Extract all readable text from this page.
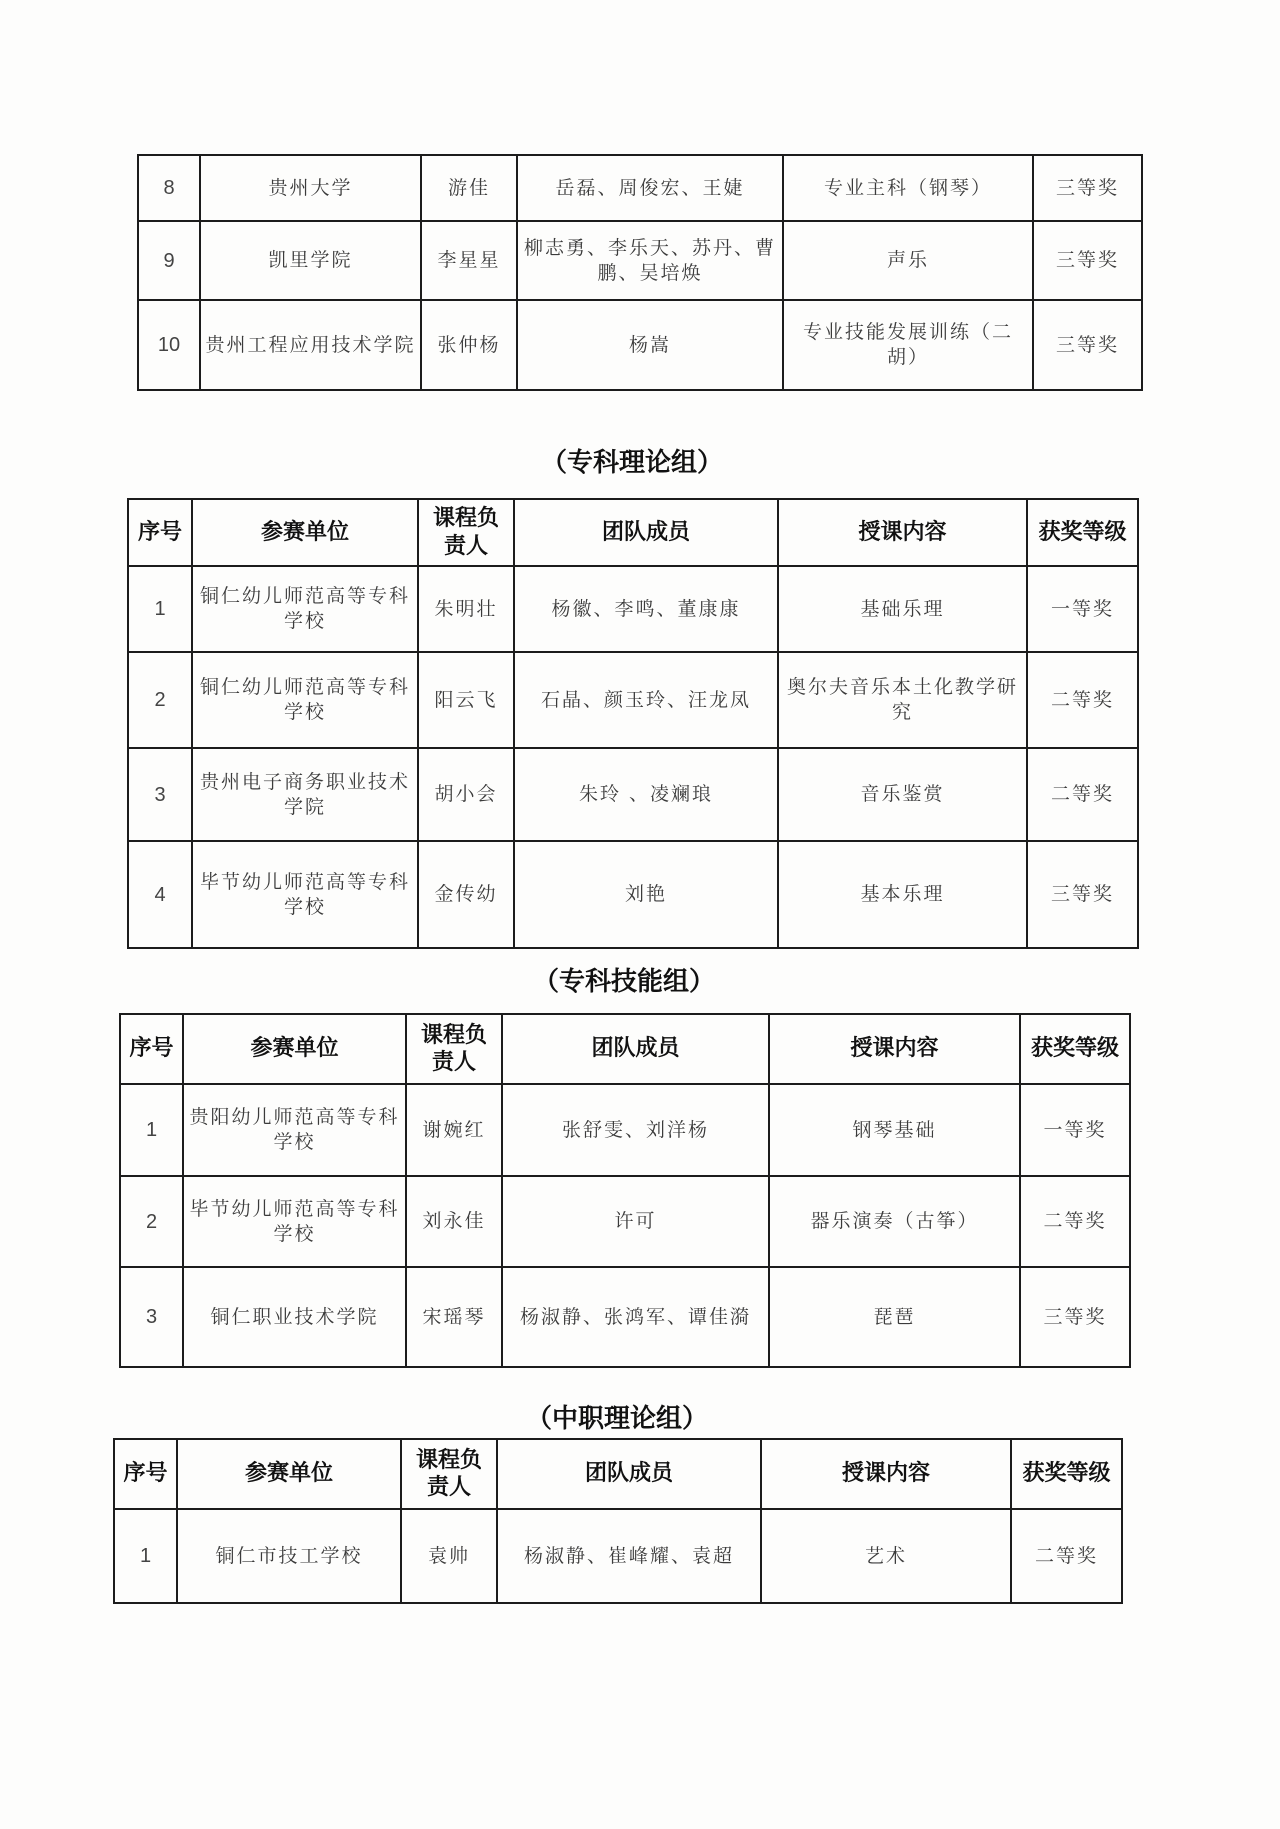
8	贵州大学	游佳	岳磊、周俊宏、王婕	专业主科（钢琴）	三等奖
9	凯里学院	李星星	柳志勇、李乐天、苏丹、曹鹏、吴培焕	声乐	三等奖
10	贵州工程应用技术学院	张仲杨	杨嵩	专业技能发展训练（二胡）	三等奖
（专科理论组）
序号	参赛单位	课程负责人	团队成员	授课内容	获奖等级
1	铜仁幼儿师范高等专科学校	朱明壮	杨徽、李鸣、董康康	基础乐理	一等奖
2	铜仁幼儿师范高等专科学校	阳云飞	石晶、颜玉玲、汪龙凤	奥尔夫音乐本土化教学研究	二等奖
3	贵州电子商务职业技术学院	胡小会	朱玲 、凌斓琅	音乐鉴赏	二等奖
4	毕节幼儿师范高等专科学校	金传幼	刘艳	基本乐理	三等奖
（专科技能组）
序号	参赛单位	课程负责人	团队成员	授课内容	获奖等级
1	贵阳幼儿师范高等专科学校	谢婉红	张舒雯、刘洋杨	钢琴基础	一等奖
2	毕节幼儿师范高等专科学校	刘永佳	许可	器乐演奏（古筝）	二等奖
3	铜仁职业技术学院	宋瑶琴	杨淑静、张鸿军、谭佳漪	琵琶	三等奖
（中职理论组）
序号	参赛单位	课程负责人	团队成员	授课内容	获奖等级
1	铜仁市技工学校	袁帅	杨淑静、崔峰耀、袁超	艺术	二等奖
